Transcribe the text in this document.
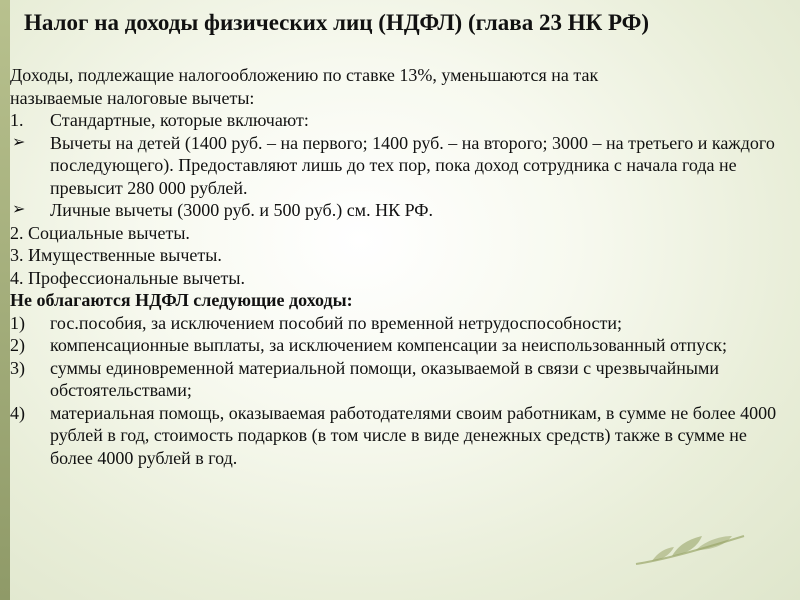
Налог на доходы физических лиц (НДФЛ) (глава 23 НК РФ)

Доходы, подлежащие налогообложению по ставке 13%, уменьшаются на так

называемые налоговые вычеты:

1.	Стандартные, которые включают:
➢	Вычеты на детей (1400 руб. – на первого; 1400 руб. – на второго; 3000 – на третьего и каждого последующего). Предоставляют лишь до тех пор, пока доход сотрудника с начала года не превысит 280 000 рублей.
➢	Личные вычеты (3000 руб. и 500 руб.) см. НК РФ.

2. Социальные вычеты.

3. Имущественные вычеты.

4. Профессиональные вычеты.

Не облагаются НДФЛ следующие доходы:

1)	гос.пособия, за исключением пособий по временной нетрудоспособности;
2)	компенсационные выплаты, за исключением компенсации за неиспользованный отпуск;
3)	суммы единовременной материальной помощи, оказываемой в связи с чрезвычайными обстоятельствами;
4)	материальная помощь, оказываемая работодателями своим работникам, в сумме не более 4000 рублей в год, стоимость подарков (в том числе в виде денежных средств) также в сумме не более 4000 рублей в год.
